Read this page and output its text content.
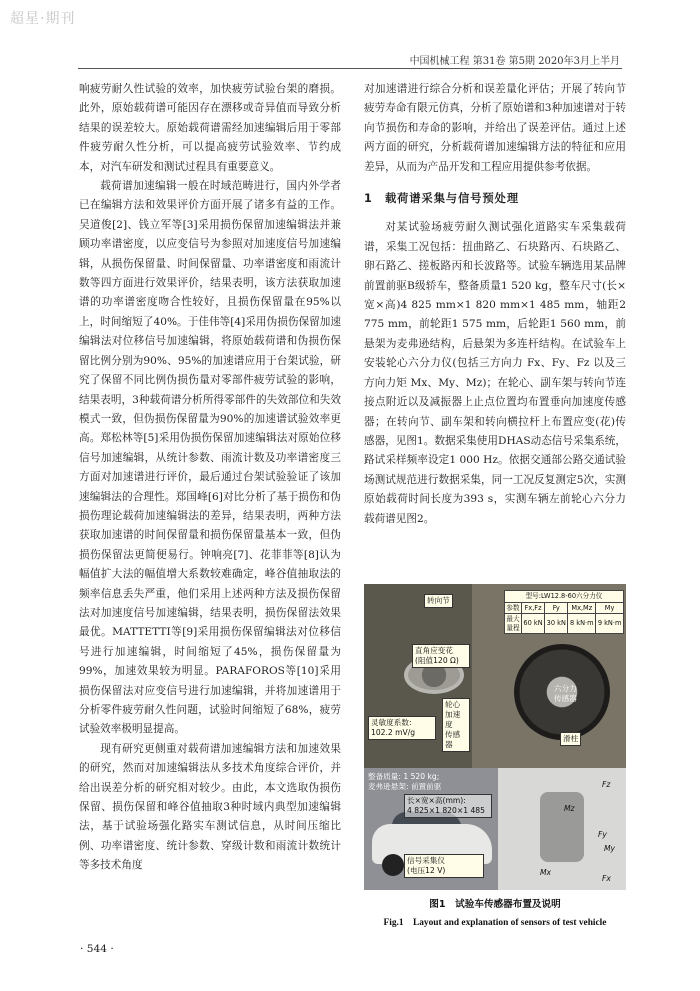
超星·期刊
中国机械工程 第31卷 第5期 2020年3月上半月

响疲劳耐久性试验的效率，加快疲劳试验台架的磨损。此外，原始载荷谱可能因存在漂移或奇异值而导致分析结果的误差较大。原始载荷谱需经加速编辑后用于零部件疲劳耐久性分析，可以提高疲劳试验效率、节约成本，对汽车研发和测试过程具有重要意义。

载荷谱加速编辑一般在时域范畴进行，国内外学者已在编辑方法和效果评价方面开展了诸多有益的工作。吴道俊[2]、钱立军等[3]采用损伤保留加速编辑法并兼顾功率谱密度，以应变信号为参照对加速度信号加速编辑，从损伤保留量、时间保留量、功率谱密度和雨流计数等四方面进行效果评价，结果表明，该方法获取加速谱的功率谱密度吻合性较好，且损伤保留量在95%以上，时间缩短了40%。于佳伟等[4]采用伪损伤保留加速编辑法对位移信号加速编辑，将原始载荷谱和伪损伤保留比例分别为90%、95%的加速谱应用于台架试验，研究了保留不同比例伪损伤量对零部件疲劳试验的影响，结果表明，3种载荷谱分析所得零部件的失效部位和失效模式一致，但伪损伤保留量为90%的加速谱试验效率更高。郑松林等[5]采用伪损伤保留加速编辑法对原始位移信号加速编辑，从统计参数、雨流计数及功率谱密度三方面对加速谱进行评价，最后通过台架试验验证了该加速编辑法的合理性。郑国峰[6]对比分析了基于损伤和伪损伤理论载荷加速编辑法的差异，结果表明，两种方法获取加速谱的时间保留量和损伤保留量基本一致，但伪损伤保留法更简便易行。钟响亮[7]、花菲菲等[8]认为幅值扩大法的幅值增大系数较难确定，峰谷值抽取法的频率信息丢失严重，他们采用上述两种方法及损伤保留法对加速度信号加速编辑，结果表明，损伤保留法效果最优。MATTETTI等[9]采用损伤保留编辑法对位移信号进行加速编辑，时间缩短了45%，损伤保留量为99%，加速效果较为明显。PARAFOROS等[10]采用损伤保留法对应变信号进行加速编辑，并将加速谱用于分析零件疲劳耐久性问题，试验时间缩短了68%，疲劳试验效率极明显提高。

现有研究更侧重对载荷谱加速编辑方法和加速效果的研究，然而对加速编辑法从多技术角度综合评价，并给出误差分析的研究相对较少。由此，本文选取伪损伤保留、损伤保留和峰谷值抽取3种时域内典型加速编辑法，基于试验场强化路实车测试信息，从时间压缩比例、功率谱密度、统计参数、穿级计数和雨流计数统计等多技术角度

对加速谱进行综合分析和误差量化评估；开展了转向节疲劳寿命有限元仿真，分析了原始谱和3种加速谱对于转向节损伤和寿命的影响，并给出了误差评估。通过上述两方面的研究，分析载荷谱加速编辑方法的特征和应用差异，从而为产品开发和工程应用提供参考依据。

1　载荷谱采集与信号预处理

对某试验场疲劳耐久测试强化道路实车采集载荷谱，采集工况包括：扭曲路乙、石块路丙、石块路乙、卵石路乙、搓板路丙和长波路等。试验车辆选用某品牌前置前驱B级轿车，整备质量1 520 kg，整车尺寸(长×宽×高)4 825 mm×1 820 mm×1 485 mm，轴距2 775 mm，前轮距1 575 mm，后轮距1 560 mm，前悬架为麦弗逊结构，后悬架为多连杆结构。在试验车上安装轮心六分力仪(包括三方向力 Fx、Fy、Fz 以及三方向力矩 Mx、My、Mz)；在轮心、副车架与转向节连接点附近以及减振器上止点位置均布置垂向加速度传感器；在转向节、副车架和转向横拉杆上布置应变(花)传感器，见图1。数据采集使用DHAS动态信号采集系统，路试采样频率设定1 000 Hz。依据交通部公路交通试验场测试规范进行数据采集，同一工况反复测定5次，实测原始载荷时间长度为393 s，实测车辆左前轮心六分力载荷谱见图2。

转向节
直角应变花
(阻值120 Ω)
灵敏度系数:
102.2 mV/g
轮心
加速度
传感器
六分力
传感器
滑柱
型号:LW12.8-60六分力仪				
参数	Fx,Fz	Fy	Mx,Mz	My
最大
量程	60 kN	30 kN	8 kN·m	9 kN·m
整备质量: 1 520 kg;
麦弗逊悬架: 前置前驱
长×宽×高(mm):
4 825×1 820×1 485
信号采集仪
(电压12 V)
Fz
Mz
Fy
My
Mx
Fx
图1　试验车传感器布置及说明
Fig.1　Layout and explanation of sensors of test vehicle
· 544 ·
